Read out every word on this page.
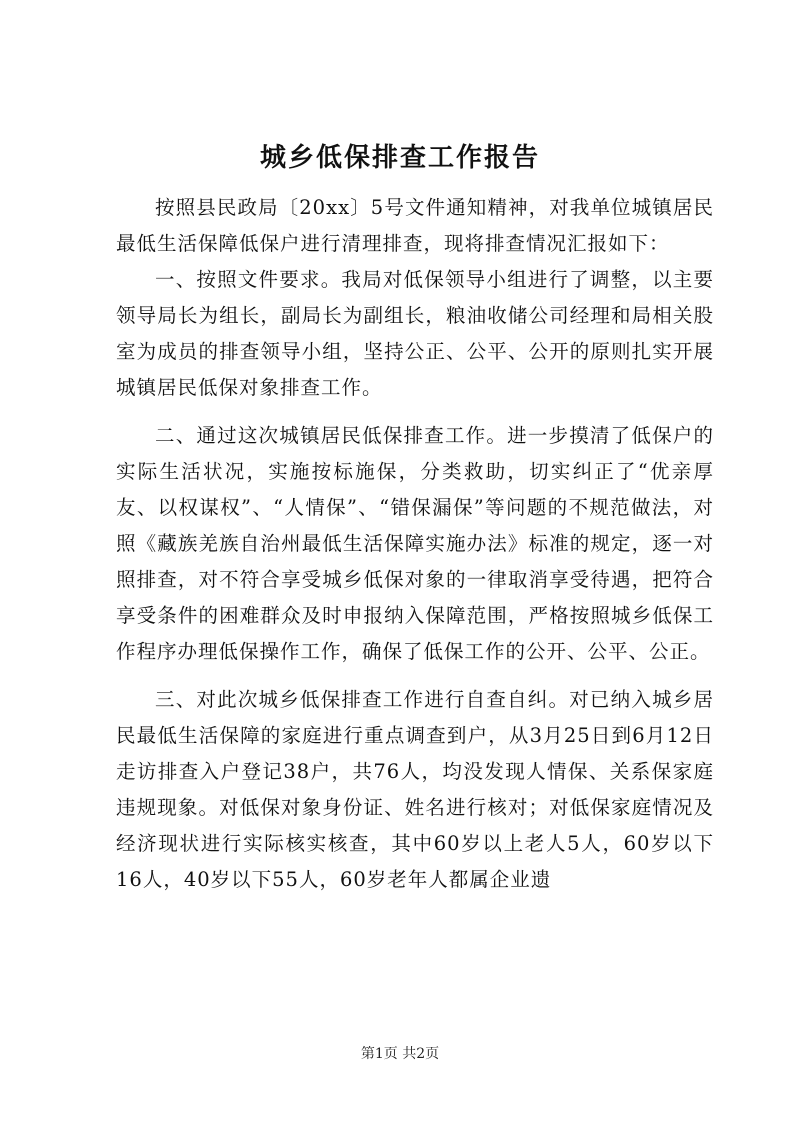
城乡低保排查工作报告

按照县民政局〔20xx〕5号文件通知精神，对我单位城镇居民最低生活保障低保户进行清理排查，现将排查情况汇报如下：

一、按照文件要求。我局对低保领导小组进行了调整，以主要领导局长为组长，副局长为副组长，粮油收储公司经理和局相关股室为成员的排查领导小组，坚持公正、公平、公开的原则扎实开展城镇居民低保对象排查工作。

二、通过这次城镇居民低保排查工作。进一步摸清了低保户的实际生活状况，实施按标施保，分类救助，切实纠正了“优亲厚友、以权谋权”、“人情保”、“错保漏保”等问题的不规范做法，对照《藏族羌族自治州最低生活保障实施办法》标准的规定，逐一对照排查，对不符合享受城乡低保对象的一律取消享受待遇，把符合享受条件的困难群众及时申报纳入保障范围，严格按照城乡低保工作程序办理低保操作工作，确保了低保工作的公开、公平、公正。

三、对此次城乡低保排查工作进行自查自纠。对已纳入城乡居民最低生活保障的家庭进行重点调查到户，从3月25日到6月12日走访排查入户登记38户，共76人，均没发现人情保、关系保家庭违规现象。对低保对象身份证、姓名进行核对；对低保家庭情况及经济现状进行实际核实核查，其中60岁以上老人5人，60岁以下16人，40岁以下55人，60岁老年人都属企业遗

第1页 共2页
